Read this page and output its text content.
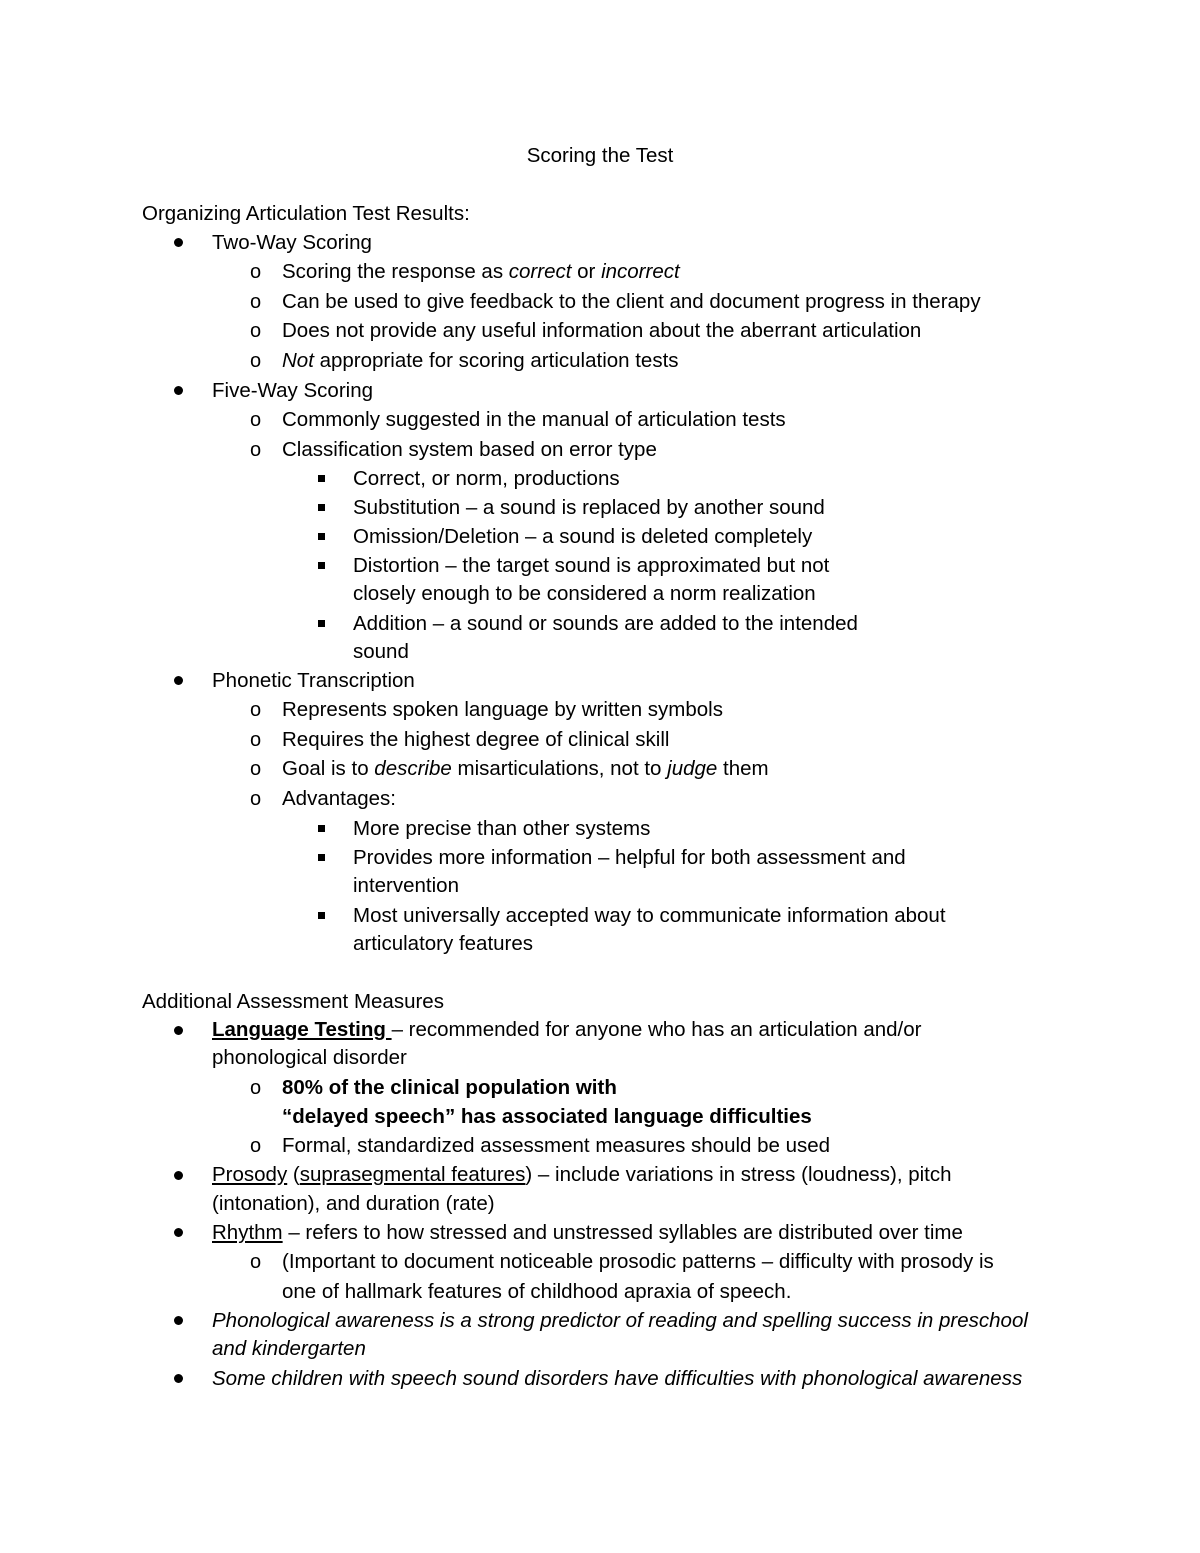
Scoring the Test
Organizing Articulation Test Results:
Two-Way Scoring
o Scoring the response as correct or incorrect
o Can be used to give feedback to the client and document progress in therapy
o Does not provide any useful information about the aberrant articulation
o Not appropriate for scoring articulation tests
Five-Way Scoring
o Commonly suggested in the manual of articulation tests
o Classification system based on error type
Correct, or norm, productions
Substitution – a sound is replaced by another sound
Omission/Deletion – a sound is deleted completely
Distortion – the target sound is approximated but not
closely enough to be considered a norm realization
Addition – a sound or sounds are added to the intended
sound
Phonetic Transcription
o Represents spoken language by written symbols
o Requires the highest degree of clinical skill
o Goal is to describe misarticulations, not to judge them
o Advantages:
More precise than other systems
Provides more information – helpful for both assessment and
intervention
Most universally accepted way to communicate information about
articulatory features
Additional Assessment Measures
Language Testing – recommended for anyone who has an articulation and/or
phonological disorder
o 80% of the clinical population with
“delayed speech” has associated language difficulties
o Formal, standardized assessment measures should be used
Prosody (suprasegmental features) – include variations in stress (loudness), pitch
(intonation), and duration (rate)
Rhythm – refers to how stressed and unstressed syllables are distributed over time
o (Important to document noticeable prosodic patterns – difficulty with prosody is
one of hallmark features of childhood apraxia of speech.
Phonological awareness is a strong predictor of reading and spelling success in preschool
and kindergarten
Some children with speech sound disorders have difficulties with phonological awareness
